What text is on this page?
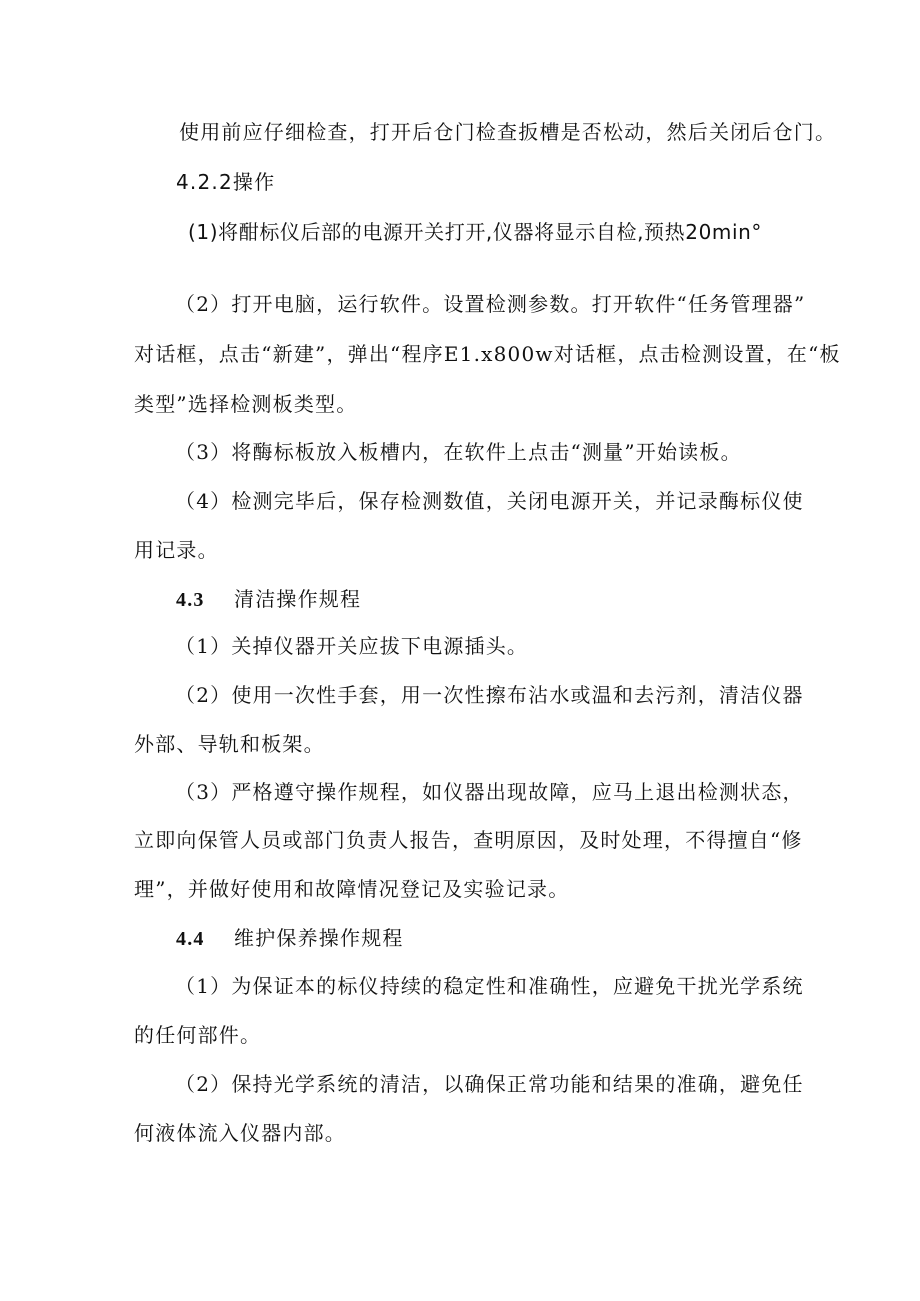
使用前应仔细检查，打开后仓门检查扳槽是否松动，然后关闭后仓门。
4.2.2操作
(1)将酣标仪后部的电源开关打开,仪器将显示自检,预热20min°
（2）打开电脑，运行软件。设置检测参数。打开软件“任务管理器”
对话框，点击“新建”，弹出“程序E1.x800w对话框，点击检测设置，在“板
类型”选择检测板类型。
（3）将酶标板放入板槽内，在软件上点击“测量”开始读板。
（4）检测完毕后，保存检测数值，关闭电源开关，并记录酶标仪使
用记录。
4.3 清洁操作规程
（1）关掉仪器开关应拔下电源插头。
（2）使用一次性手套，用一次性擦布沾水或温和去污剂，清洁仪器
外部、导轨和板架。
（3）严格遵守操作规程，如仪器出现故障，应马上退出检测状态，
立即向保管人员或部门负责人报告，查明原因，及时处理，不得擅自“修
理”，并做好使用和故障情况登记及实验记录。
4.4 维护保养操作规程
（1）为保证本的标仪持续的稳定性和准确性，应避免干扰光学系统
的任何部件。
（2）保持光学系统的清洁，以确保正常功能和结果的准确，避免任
何液体流入仪器内部。
